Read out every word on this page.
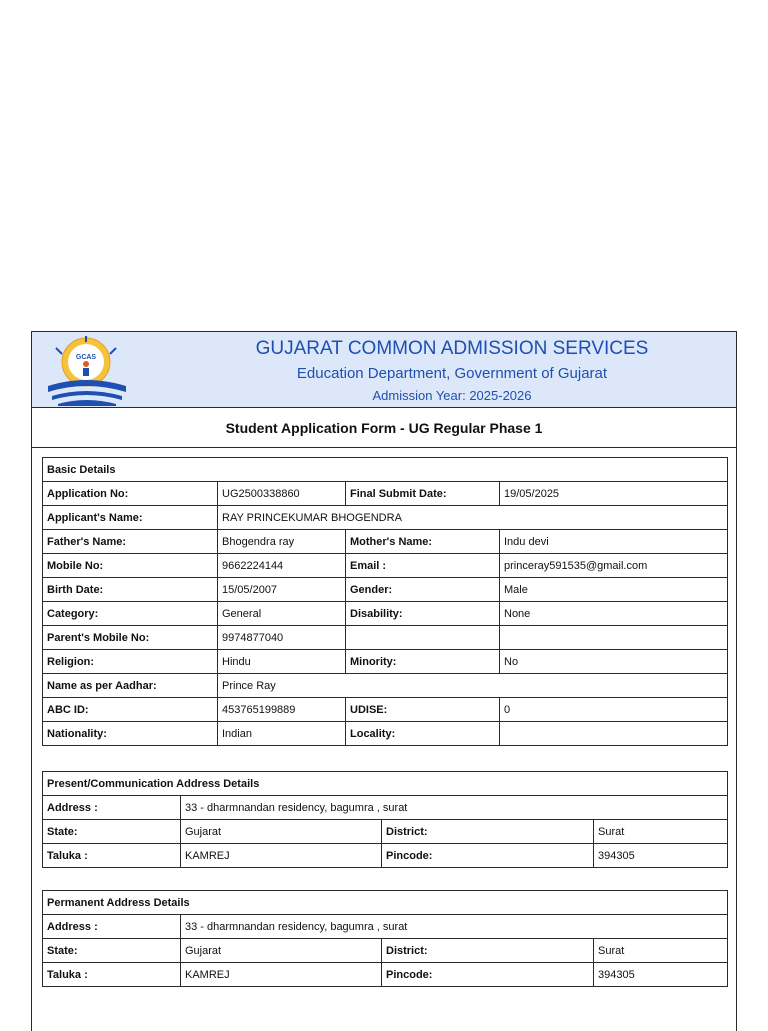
GCAS	GUJARAT COMMON ADMISSION SERVICES
Education Department, Government of Gujarat
Admission Year: 2025-2026
Student Application Form - UG Regular Phase 1
Basic Details			
Application No:	UG2500338860	Final Submit Date:	19/05/2025
Applicant's Name:	RAY PRINCEKUMAR BHOGENDRA		
Father's Name:	Bhogendra ray	Mother's Name:	Indu devi
Mobile No:	9662224144	Email :	princeray591535@gmail.com
Birth Date:	15/05/2007	Gender:	Male
Category:	General	Disability:	None
Parent's Mobile No:	9974877040		
Religion:	Hindu	Minority:	No
Name as per Aadhar:	Prince Ray		
ABC ID:	453765199889	UDISE:	0
Nationality:	Indian	Locality:	
Present/Communication Address Details			
Address :	33 - dharmnandan residency, bagumra , surat		
State:	Gujarat	District:	Surat
Taluka :	KAMREJ	Pincode:	394305
Permanent Address Details			
Address :	33 - dharmnandan residency, bagumra , surat		
State:	Gujarat	District:	Surat
Taluka :	KAMREJ	Pincode:	394305
